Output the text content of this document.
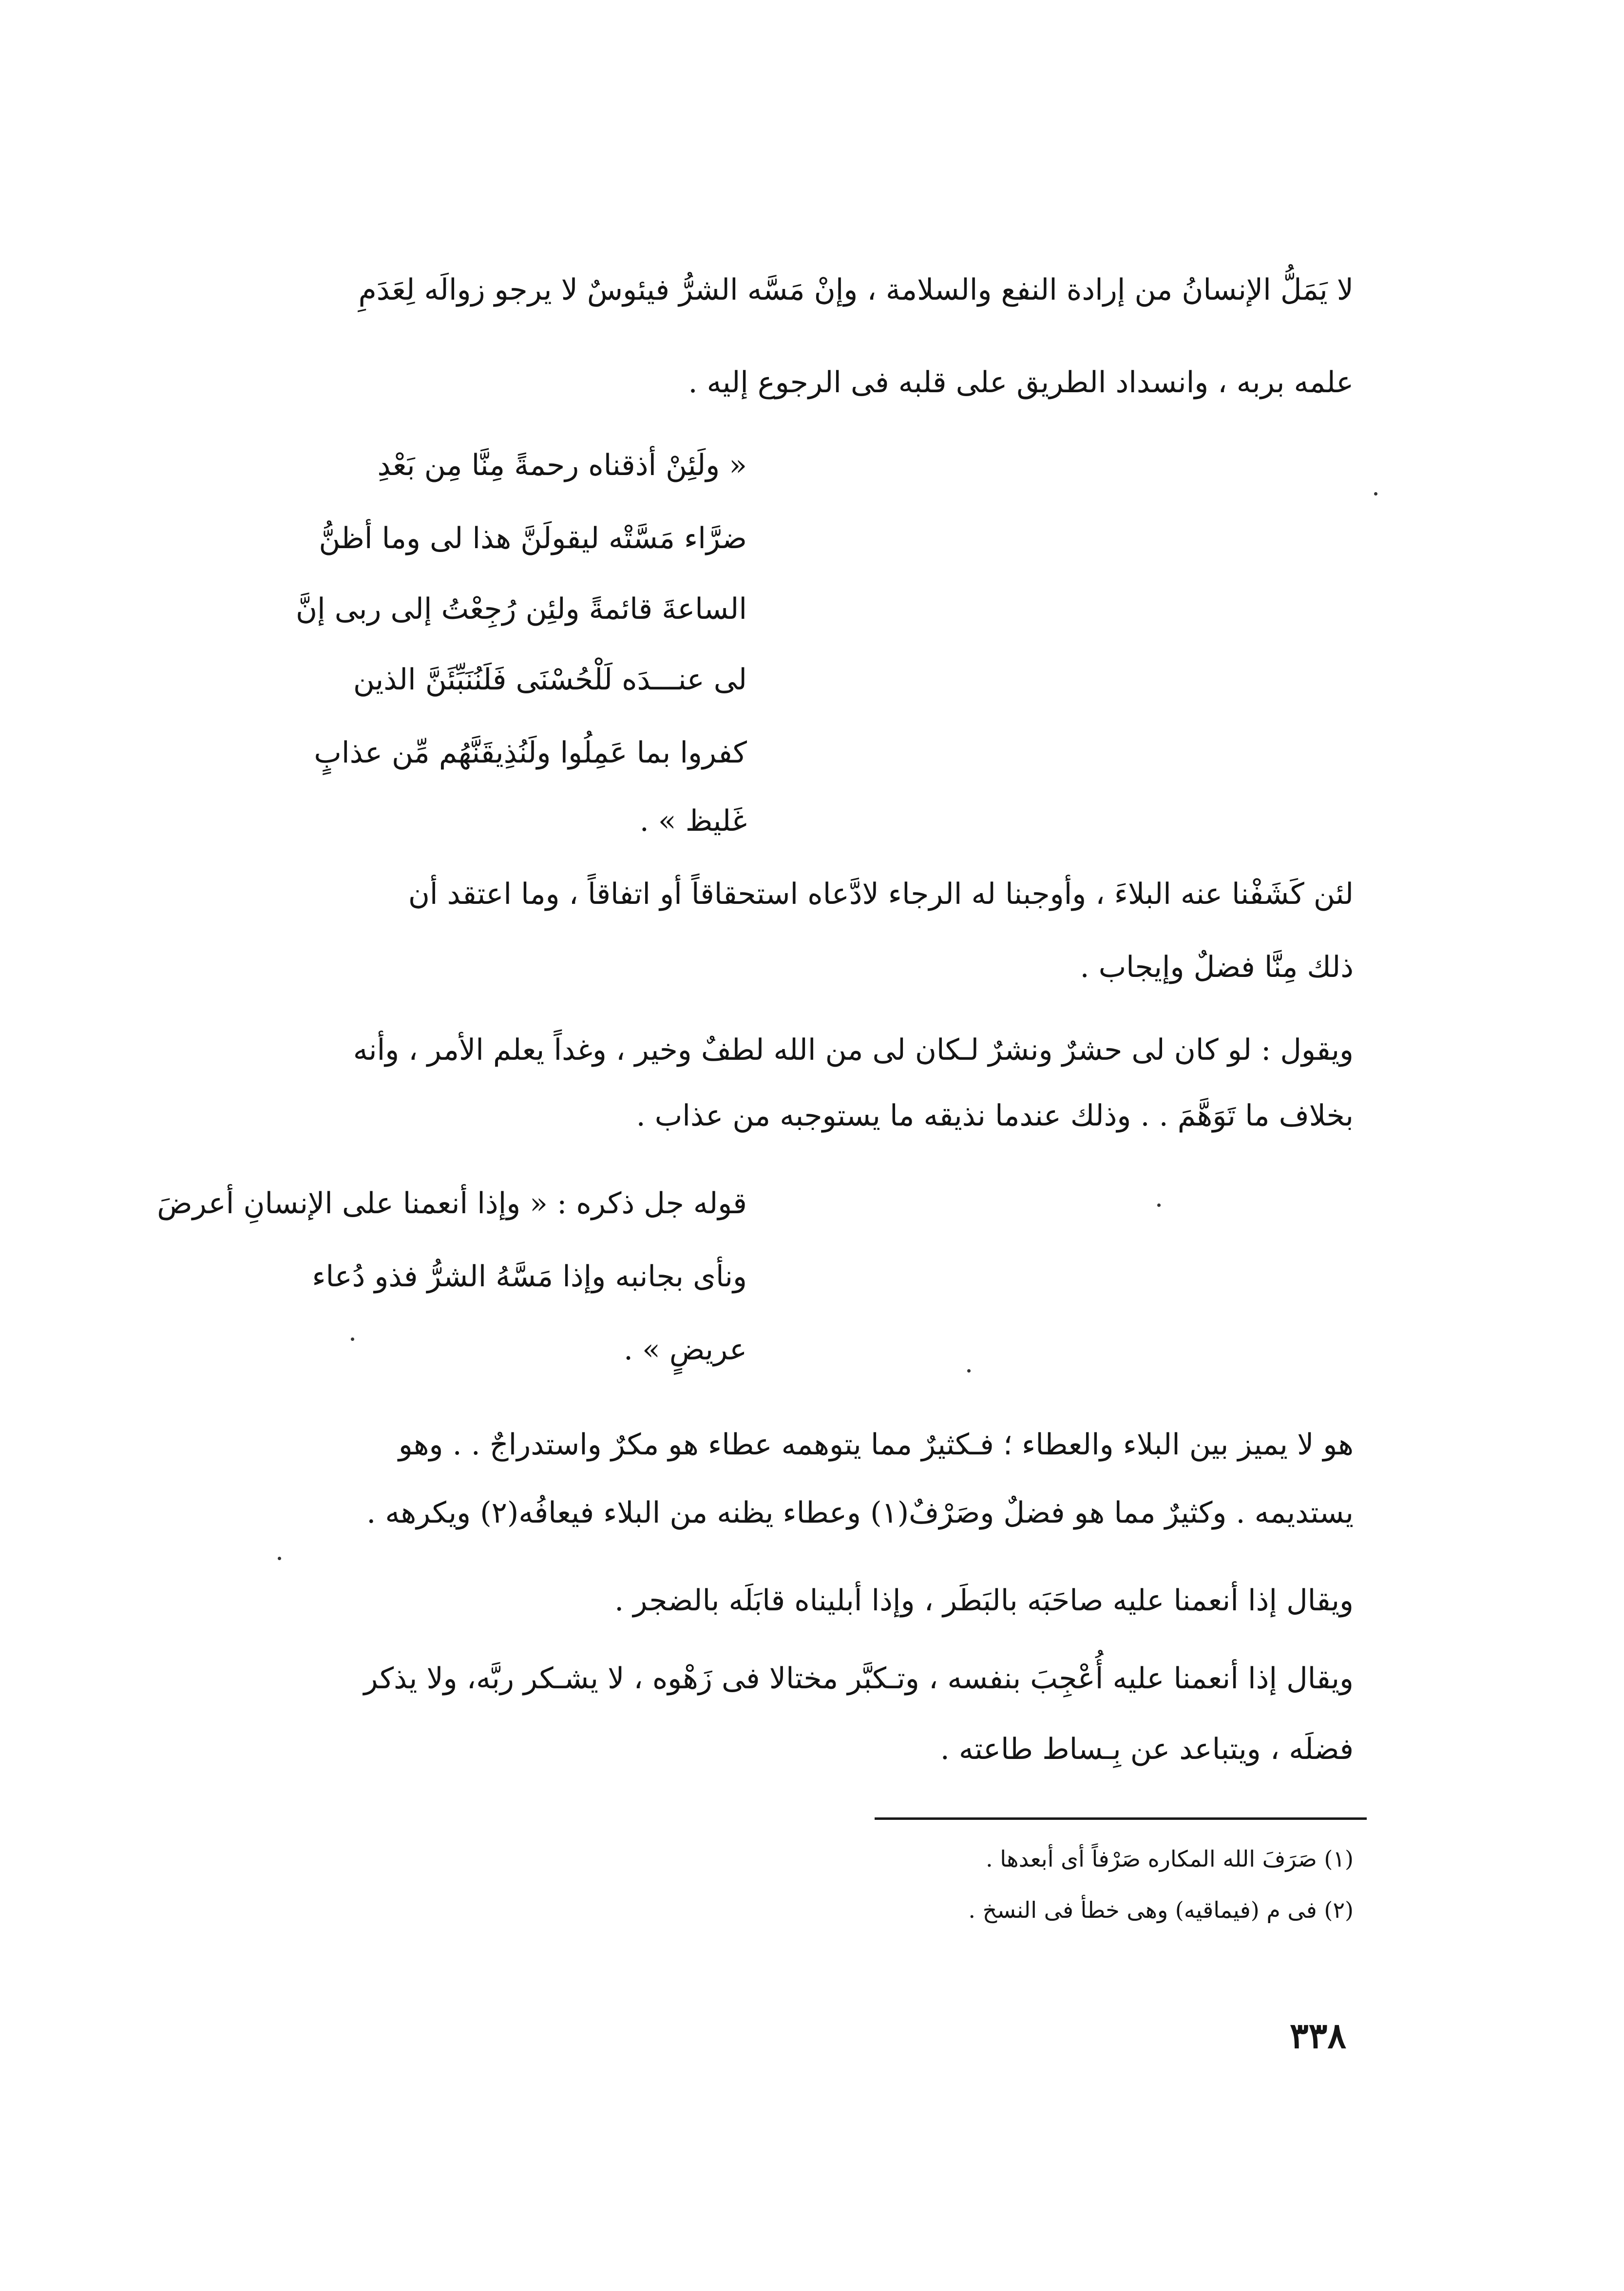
لا يَمَلُّ الإنسانُ من إرادة النفع والسلامة ، وإنْ مَسَّه الشرُّ فيئوسٌ لا يرجو زوالَه لِعَدَمِ
علمه بربه ، وانسداد الطريق على قلبه فى الرجوع إليه .
« ولَئِنْ أذقناه رحمةً مِنَّا مِن بَعْدِ
ضرَّاء مَسَّتْه ليقولَنَّ هذا لى وما أظنُّ
الساعةَ قائمةً ولئِن رُجِعْتُ إلى ربى إنَّ
لى عنـــدَه لَلْحُسْنَى فَلَنُنَبِّئَنَّ الذين
كفروا بما عَمِلُوا ولَنُذِيقَنَّهُم مِّن عذابٍ
غَليظ » .
لئن كَشَفْنا عنه البلاءَ ، وأوجبنا له الرجاء لادَّعاه استحقاقاً أو اتفاقاً ، وما اعتقد أن
ذلك مِنَّا فضلٌ وإيجاب .
ويقول : لو كان لى حشرٌ ونشرٌ لـكان لى من الله لطفٌ وخير ، وغداً يعلم الأمر ، وأنه
بخلاف ما تَوَهَّمَ . . وذلك عندما نذيقه ما يستوجبه من عذاب .
قوله جل ذكره : « وإذا أنعمنا على الإنسانِ أعرضَ
ونأى بجانبه وإذا مَسَّهُ الشرُّ فذو دُعاء
عريضٍ » .
هو لا يميز بين البلاء والعطاء ؛ فـكثيرٌ مما يتوهمه عطاء هو مكرٌ واستدراجٌ . . وهو
يستديمه . وكثيرٌ مما هو فضلٌ وصَرْفٌ(١) وعطاء يظنه من البلاء فيعافُه(٢) ويكرهه .
ويقال إذا أنعمنا عليه صاحَبَه بالبَطَر ، وإذا أبليناه قابَلَه بالضجر .
ويقال إذا أنعمنا عليه أُعْجِبَ بنفسه ، وتـكبَّر مختالا فى زَهْوه ، لا يشـكر ربَّه، ولا يذكر
فضلَه ، ويتباعد عن بِـساط طاعته .
(١) صَرَفَ الله المكاره صَرْفاً أى أبعدها .
(٢) فى م (فيماقيه) وهى خطأ فى النسخ .
٣٣٨
